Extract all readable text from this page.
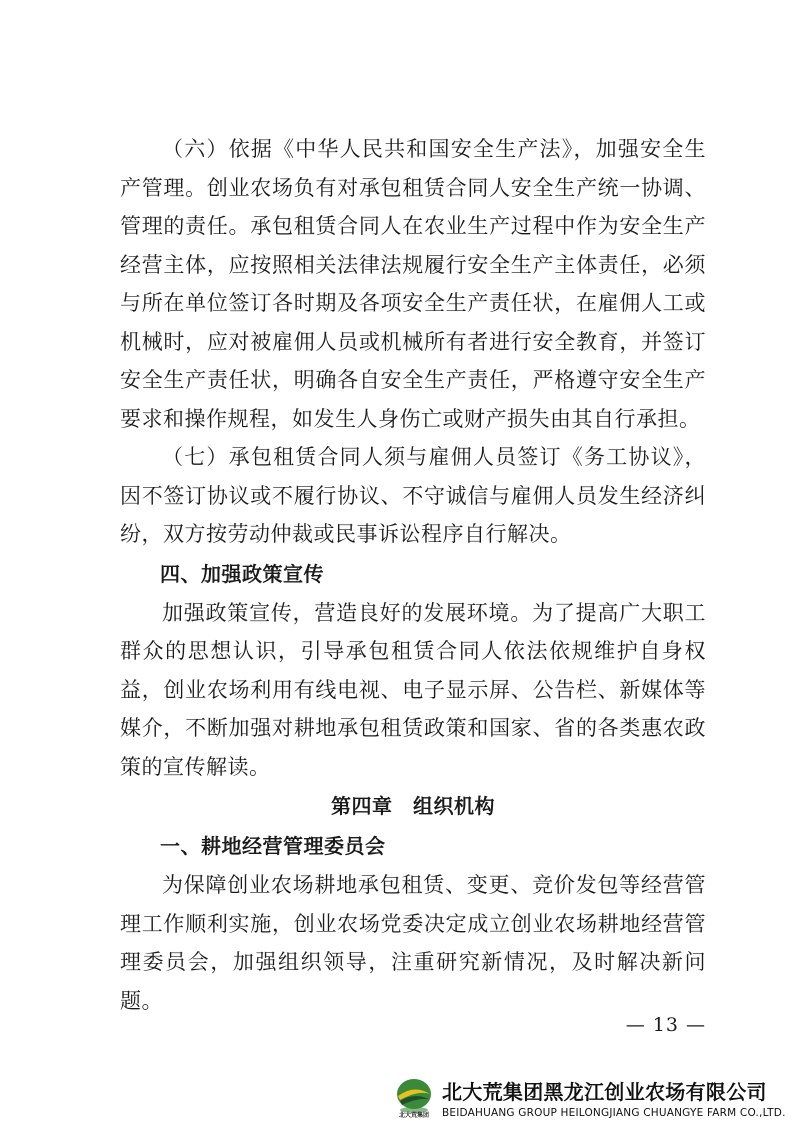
（六）依据《中华人民共和国安全生产法》，加强安全生产管理。创业农场负有对承包租赁合同人安全生产统一协调、管理的责任。承包租赁合同人在农业生产过程中作为安全生产经营主体，应按照相关法律法规履行安全生产主体责任，必须与所在单位签订各时期及各项安全生产责任状，在雇佣人工或机械时，应对被雇佣人员或机械所有者进行安全教育，并签订安全生产责任状，明确各自安全生产责任，严格遵守安全生产要求和操作规程，如发生人身伤亡或财产损失由其自行承担。

（七）承包租赁合同人须与雇佣人员签订《务工协议》，因不签订协议或不履行协议、不守诚信与雇佣人员发生经济纠纷，双方按劳动仲裁或民事诉讼程序自行解决。

四、加强政策宣传

加强政策宣传，营造良好的发展环境。为了提高广大职工群众的思想认识，引导承包租赁合同人依法依规维护自身权益，创业农场利用有线电视、电子显示屏、公告栏、新媒体等媒介，不断加强对耕地承包租赁政策和国家、省的各类惠农政策的宣传解读。

第四章　组织机构

一、耕地经营管理委员会

为保障创业农场耕地承包租赁、变更、竞价发包等经营管理工作顺利实施，创业农场党委决定成立创业农场耕地经营管理委员会，加强组织领导，注重研究新情况，及时解决新问题。

— 13 —
北大荒集团
北大荒集团黑龙江创业农场有限公司
BEIDAHUANG GROUP HEILONGJIANG CHUANGYE FARM CO.,LTD.
